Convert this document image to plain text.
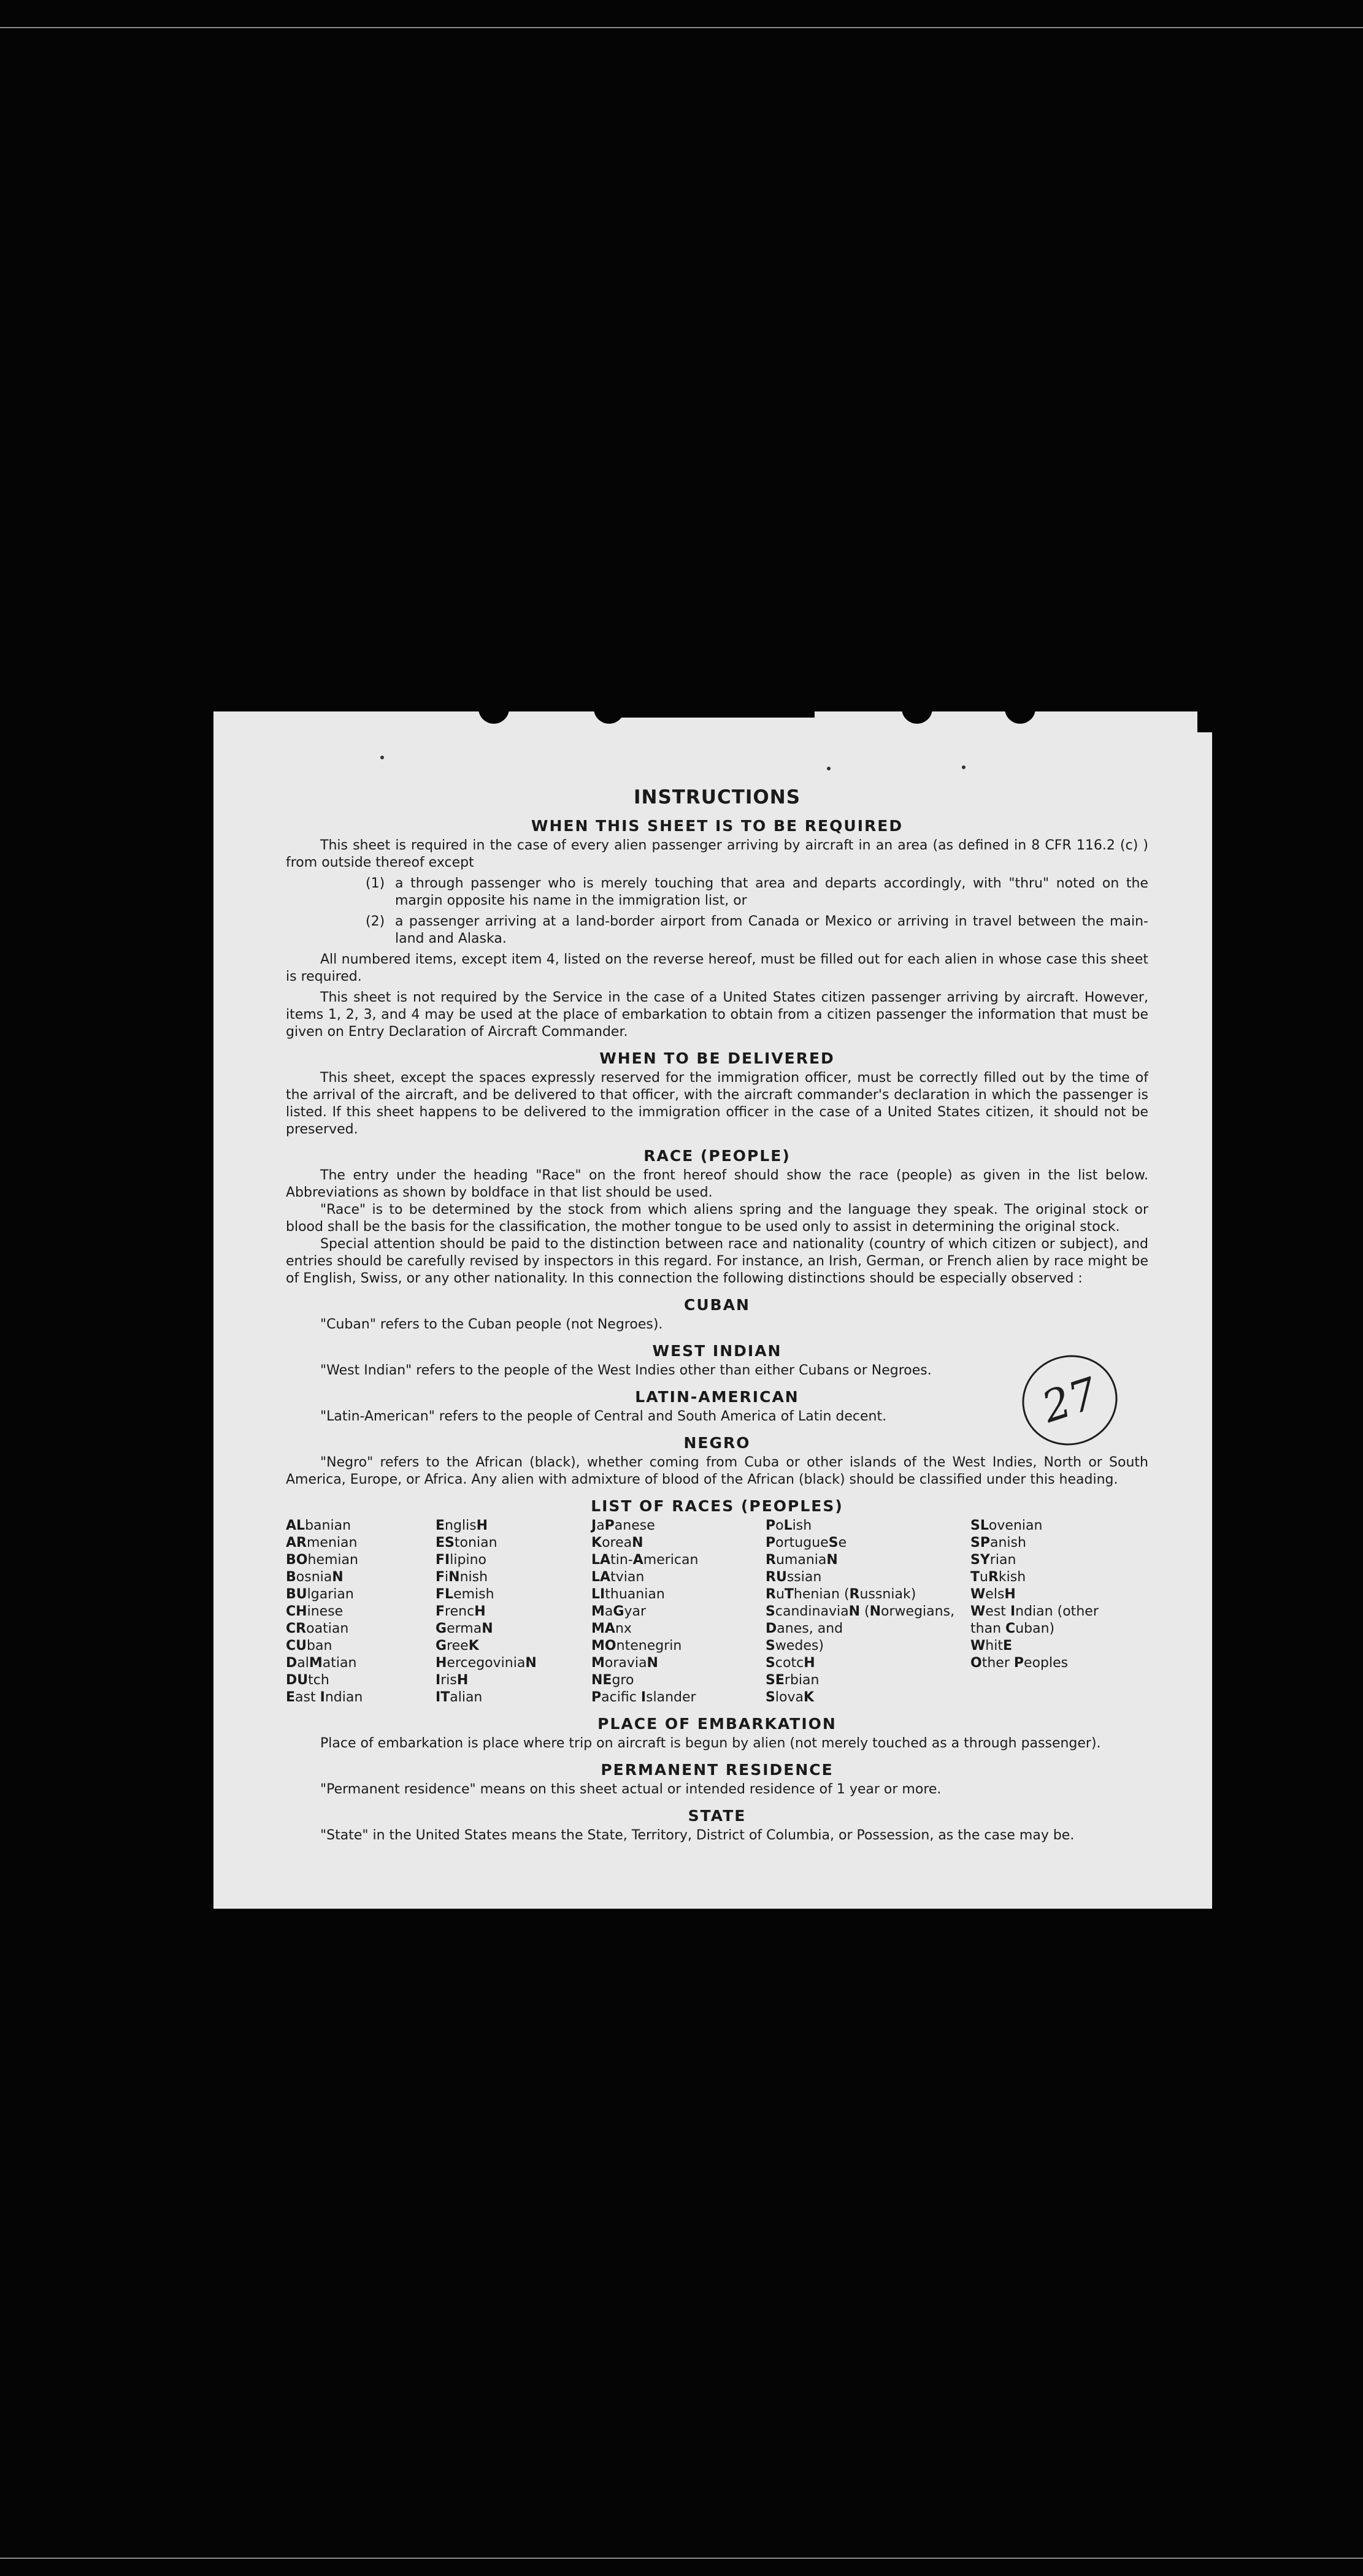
INSTRUCTIONS
WHEN THIS SHEET IS TO BE REQUIRED

This sheet is required in the case of every alien passenger arriving by aircraft in an area (as defined in 8 CFR 116.2 (c) ) from outside thereof except

(1) a through passenger who is merely touching that area and departs accordingly, with "thru" noted on the margin opposite his name in the immigration list, or
(2) a passenger arriving at a land-border airport from Canada or Mexico or arriving in travel between the main-land and Alaska.

All numbered items, except item 4, listed on the reverse hereof, must be filled out for each alien in whose case this sheet is required.

This sheet is not required by the Service in the case of a United States citizen passenger arriving by aircraft. However, items 1, 2, 3, and 4 may be used at the place of embarkation to obtain from a citizen passenger the information that must be given on Entry Declaration of Aircraft Commander.

WHEN TO BE DELIVERED

This sheet, except the spaces expressly reserved for the immigration officer, must be correctly filled out by the time of the arrival of the aircraft, and be delivered to that officer, with the aircraft commander's declaration in which the passenger is listed. If this sheet happens to be delivered to the immigration officer in the case of a United States citizen, it should not be preserved.

RACE (PEOPLE)

The entry under the heading "Race" on the front hereof should show the race (people) as given in the list below. Abbreviations as shown by boldface in that list should be used.

"Race" is to be determined by the stock from which aliens spring and the language they speak. The original stock or blood shall be the basis for the classification, the mother tongue to be used only to assist in determining the original stock.

Special attention should be paid to the distinction between race and nationality (country of which citizen or subject), and entries should be carefully revised by inspectors in this regard. For instance, an Irish, German, or French alien by race might be of English, Swiss, or any other nationality. In this connection the following distinctions should be especially observed :

CUBAN

"Cuban" refers to the Cuban people (not Negroes).

WEST INDIAN

"West Indian" refers to the people of the West Indies other than either Cubans or Negroes.

LATIN-AMERICAN

"Latin-American" refers to the people of Central and South America of Latin decent.

NEGRO

"Negro" refers to the African (black), whether coming from Cuba or other islands of the West Indies, North or South America, Europe, or Africa. Any alien with admixture of blood of the African (black) should be classified under this heading.

LIST OF RACES (PEOPLES)
ALbanian
ARmenian
BOhemian
BosniaN
BUlgarian
CHinese
CRoatian
CUban
DalMatian
DUtch
East Indian
EnglisH
EStonian
FIlipino
FiNnish
FLemish
FrencH
GermaN
GreeK
HercegoviniaN
IrisH
ITalian
JaPanese
KoreaN
LAtin-American
LAtvian
LIthuanian
MaGyar
MAnx
MOntenegrin
MoraviaN
NEgro
Pacifc Islander
PoLish
PortugueSe
RumaniaN
RUssian
RuThenian (Russniak)
ScandinaviaN (Norwegians,
Danes, and
Swedes)
ScotcH
SErbian
SlovaK
SLovenian
SPanish
SYrian
TuRkish
WelsH
West Indian (other
than Cuban)
WhitE
Other Peoples
PLACE OF EMBARKATION

Place of embarkation is place where trip on aircraft is begun by alien (not merely touched as a through passenger).

PERMANENT RESIDENCE

"Permanent residence" means on this sheet actual or intended residence of 1 year or more.

STATE

"State" in the United States means the State, Territory, District of Columbia, or Possession, as the case may be.

27
